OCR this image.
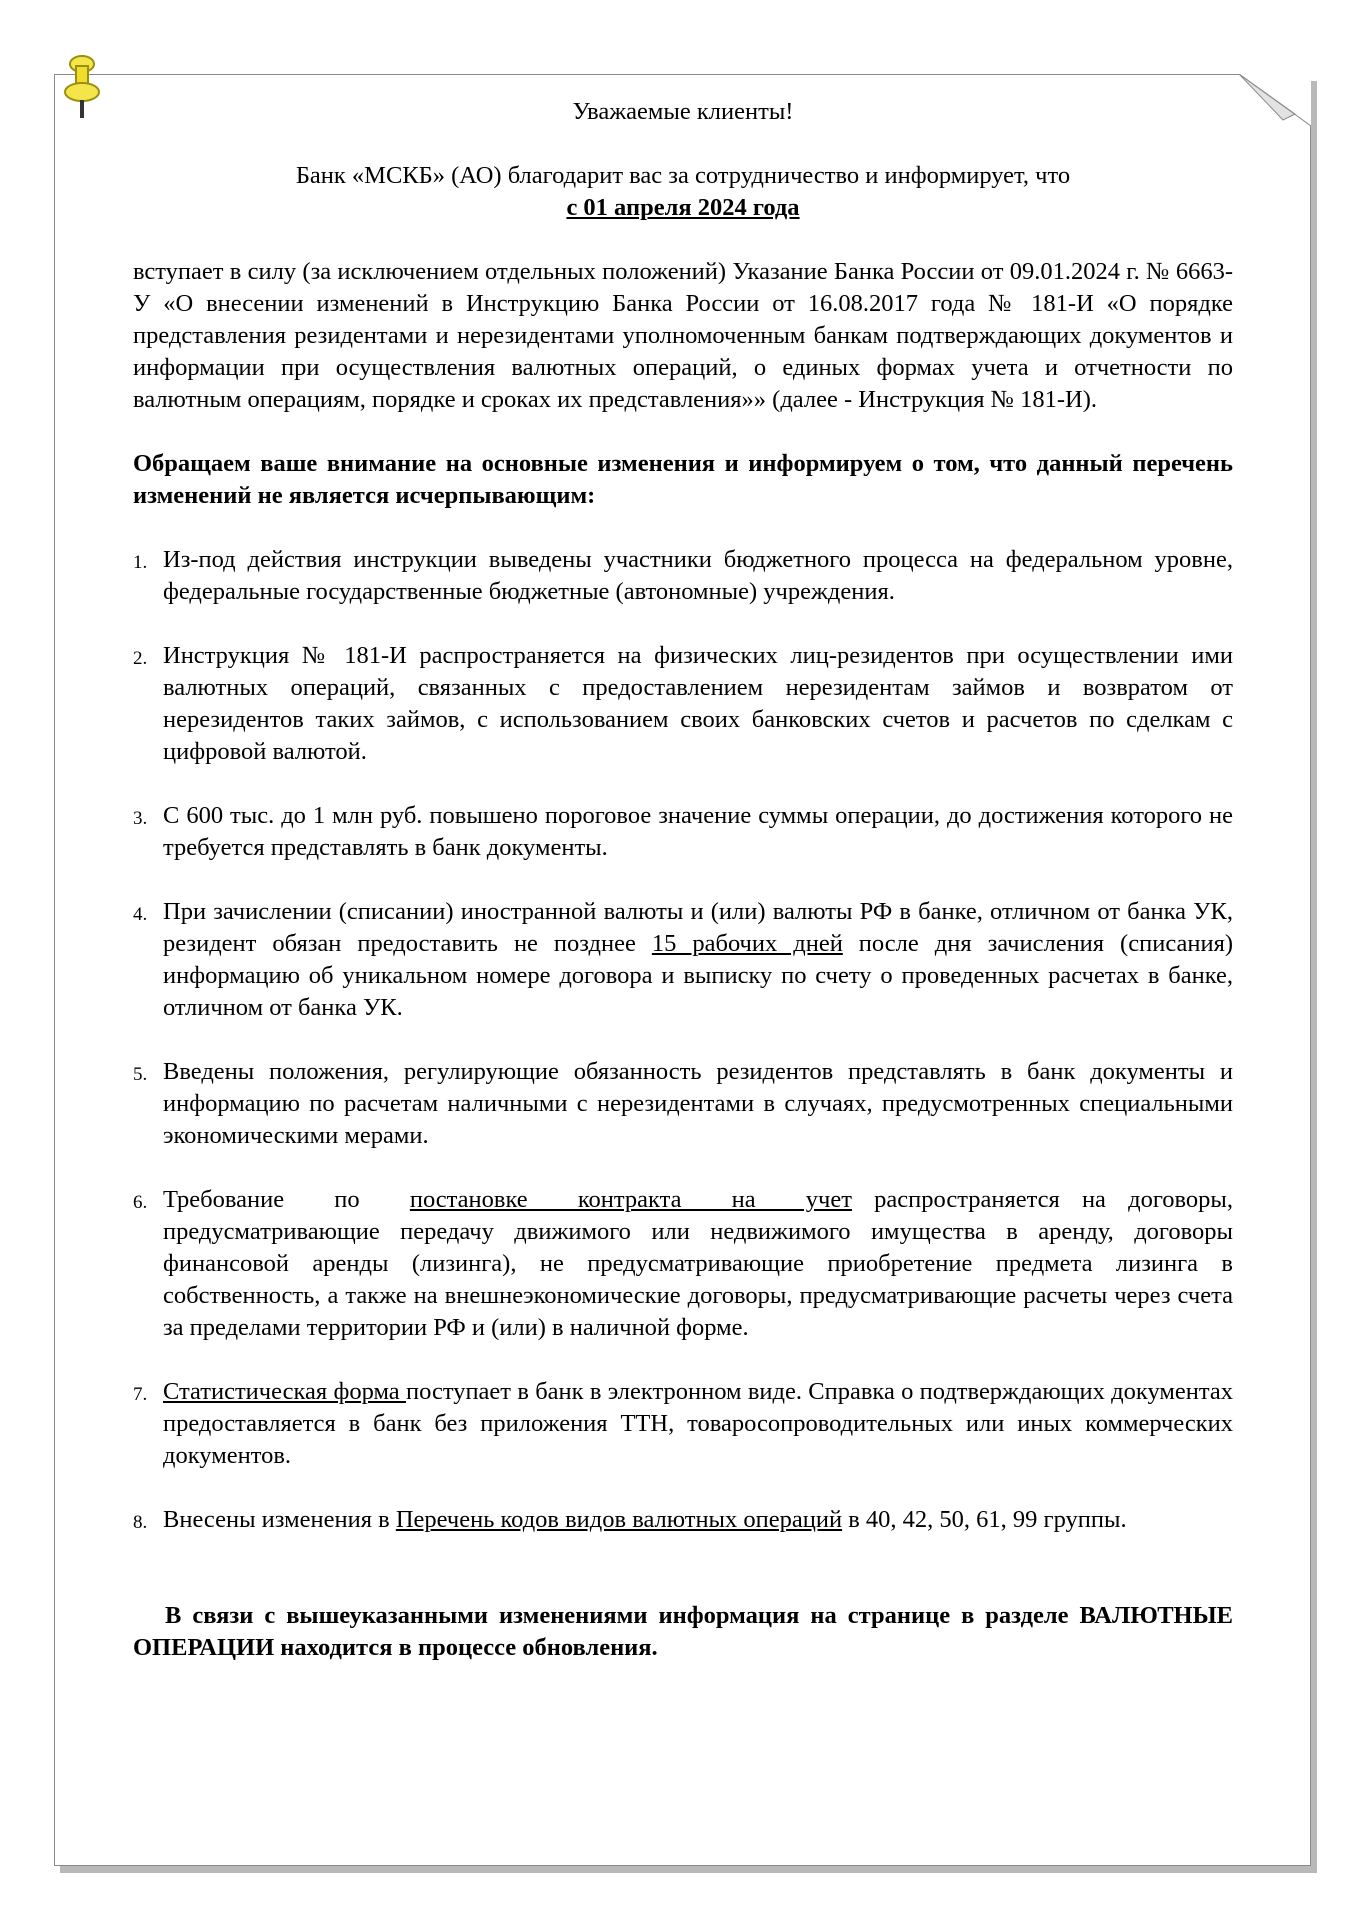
Уважаемые клиенты!
Банк «МСКБ» (АО) благодарит вас за сотрудничество и информирует, что
с 01 апреля 2024 года
вступает в силу (за исключением отдельных положений) Указание Банка России от 09.01.2024 г. № 6663-У «О внесении изменений в Инструкцию Банка России от 16.08.2017 года № 181-И «О порядке представления резидентами и нерезидентами уполномоченным банкам подтверждающих документов и информации при осуществления валютных операций, о единых формах учета и отчетности по валютным операциям, порядке и сроках их представления»» (далее - Инструкция № 181-И).
Обращаем ваше внимание на основные изменения и информируем о том, что данный перечень изменений не является исчерпывающим:
1. Из-под действия инструкции выведены участники бюджетного процесса на федеральном уровне, федеральные государственные бюджетные (автономные) учреждения.
2. Инструкция № 181-И распространяется на физических лиц-резидентов при осуществлении ими валютных операций, связанных с предоставлением нерезидентам займов и возвратом от нерезидентов таких займов, с использованием своих банковских счетов и расчетов по сделкам с цифровой валютой.
3. С 600 тыс. до 1 млн руб. повышено пороговое значение суммы операции, до достижения которого не требуется представлять в банк документы.
4. При зачислении (списании) иностранной валюты и (или) валюты РФ в банке, отличном от банка УК, резидент обязан предоставить не позднее 15 рабочих дней после дня зачисления (списания) информацию об уникальном номере договора и выписку по счету о проведенных расчетах в банке, отличном от банка УК.
5. Введены положения, регулирующие обязанность резидентов представлять в банк документы и информацию по расчетам наличными с нерезидентами в случаях, предусмотренных специальными экономическими мерами.
6. Требование по постановке контракта на учет распространяется на договоры, предусматривающие передачу движимого или недвижимого имущества в аренду, договоры финансовой аренды (лизинга), не предусматривающие приобретение предмета лизинга в собственность, а также на внешнеэкономические договоры, предусматривающие расчеты через счета за пределами территории РФ и (или) в наличной форме.
7. Статистическая форма поступает в банк в электронном виде. Справка о подтверждающих документах предоставляется в банк без приложения ТТН, товаросопроводительных или иных коммерческих документов.
8. Внесены изменения в Перечень кодов видов валютных операций в 40, 42, 50, 61, 99 группы.
В связи с вышеуказанными изменениями информация на странице в разделе ВАЛЮТНЫЕ ОПЕРАЦИИ находится в процессе обновления.
